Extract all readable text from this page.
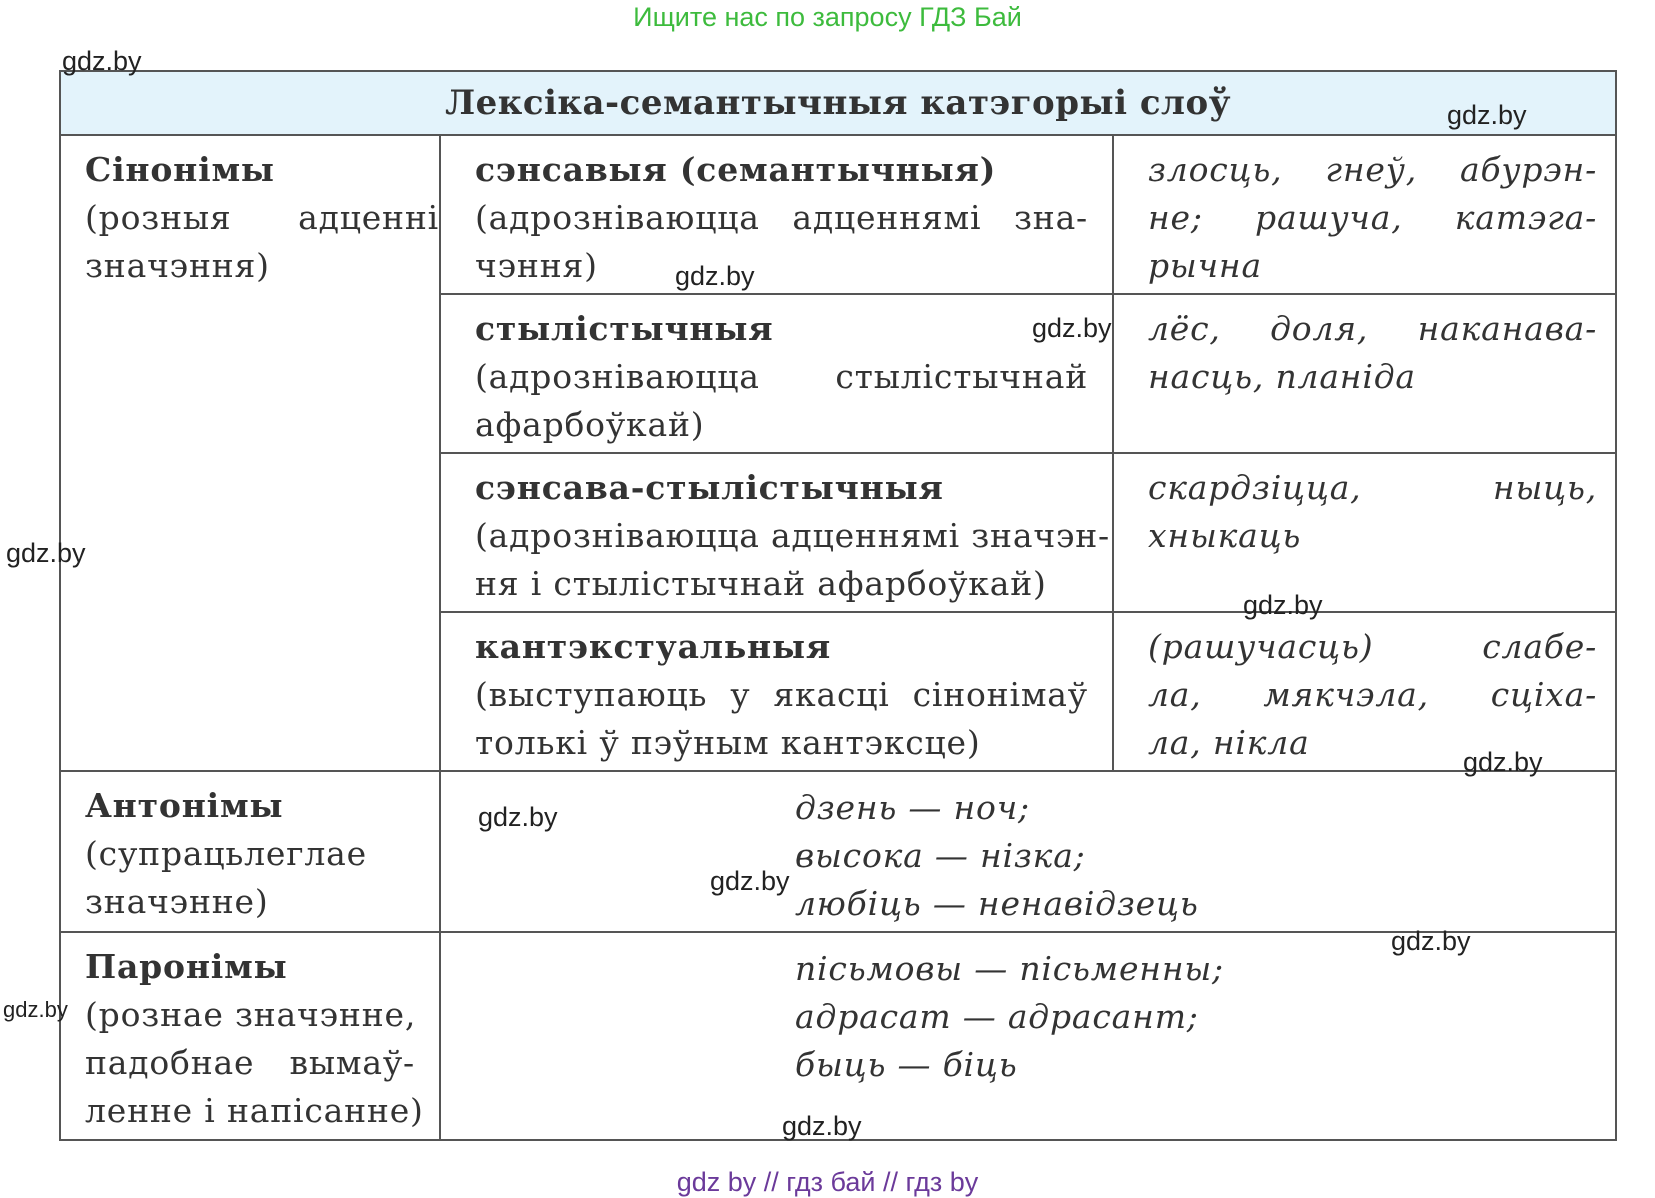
Ищите нас по запросу ГДЗ Бай
Лексіка-семантычныя катэгорыі слоў		

Сінонімы
(розныя адценні
значэння)	сэнсавыя (семантычныя)
(адрозніваюцца адценнямі зна-
чэння)	злосць, гнеў, абурэн-
не; рашуча, катэга-
рычна

	стылістычныя
(адрозніваюцца стылістычнай
афарбоўкай)	лёс, доля, наканава-
насць, планіда

	сэнсава-стылістычныя
(адрозніваюцца адценнямі значэн-
ня і стылістычнай афарбоўкай)	скардзіцца, ныць,
хныкаць

	кантэкстуальныя
(выступаюць у якасці сінонімаў
толькі ў пэўным кантэксце)	(рашучасць) слабе-
ла, мякчэла, сціха-
ла, нікла

Антонімы
(супрацьлеглае
значэнне)	дзень — ноч;
высока — нізка;
любіць — ненавідзець	

Паронімы
(рознае значэнне,
падобнае вымаў-
ленне і напісанне)	пісьмовы — пісьменны;
адрасат — адрасант;
быць — біць	
gdz.by
gdz.by
gdz.by
gdz.by
gdz.by
gdz.by
gdz.by
gdz.by
gdz.by
gdz.by
gdz.by
gdz.by
gdz by // гдз бай // гдз by
